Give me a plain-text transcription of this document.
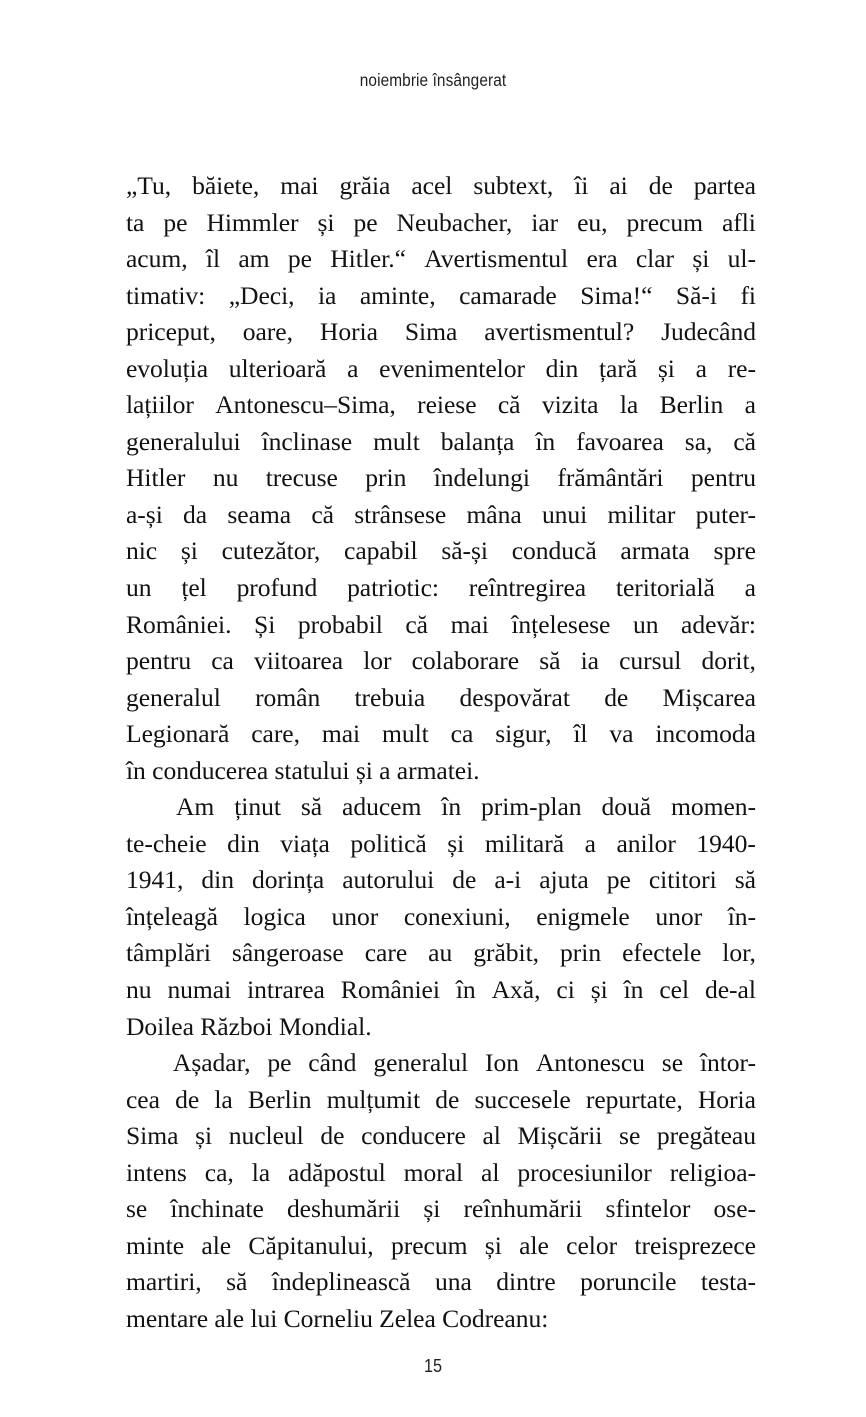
noiembrie însângerat

„Tu, băiete, mai grăia acel subtext, îi ai de partea
ta pe Himmler și pe Neubacher, iar eu, precum afli
acum, îl am pe Hitler.“ Avertismentul era clar și ul-
timativ: „Deci, ia aminte, camarade Sima!“ Să-i fi
priceput, oare, Horia Sima avertismentul? Judecând
evoluția ulterioară a evenimentelor din țară și a re-
lațiilor Antonescu–Sima, reiese că vizita la Berlin a
generalului înclinase mult balanța în favoarea sa, că
Hitler nu trecuse prin îndelungi frământări pentru
a-și da seama că strânsese mâna unui militar puter-
nic și cutezător, capabil să-și conducă armata spre
un țel profund patriotic: reîntregirea teritorială a
României. Și probabil că mai înțelesese un adevăr:
pentru ca viitoarea lor colaborare să ia cursul dorit,
generalul român trebuia despovărat de Mișcarea
Legionară care, mai mult ca sigur, îl va incomoda
în conducerea statului și a armatei.

Am ținut să aducem în prim-plan două momen-
te-cheie din viața politică și militară a anilor 1940-
1941, din dorința autorului de a-i ajuta pe cititori să
înțeleagă logica unor conexiuni, enigmele unor în-
tâmplări sângeroase care au grăbit, prin efectele lor,
nu numai intrarea României în Axă, ci și în cel de-al
Doilea Război Mondial.

Așadar, pe când generalul Ion Antonescu se întor-
cea de la Berlin mulțumit de succesele repurtate, Horia
Sima și nucleul de conducere al Mișcării se pregăteau
intens ca, la adăpostul moral al procesiunilor religioa-
se închinate deshumării și reînhumării sfintelor ose-
minte ale Căpitanului, precum și ale celor treisprezece
martiri, să îndeplinească una dintre poruncile testa-
mentare ale lui Corneliu Zelea Codreanu:

15
